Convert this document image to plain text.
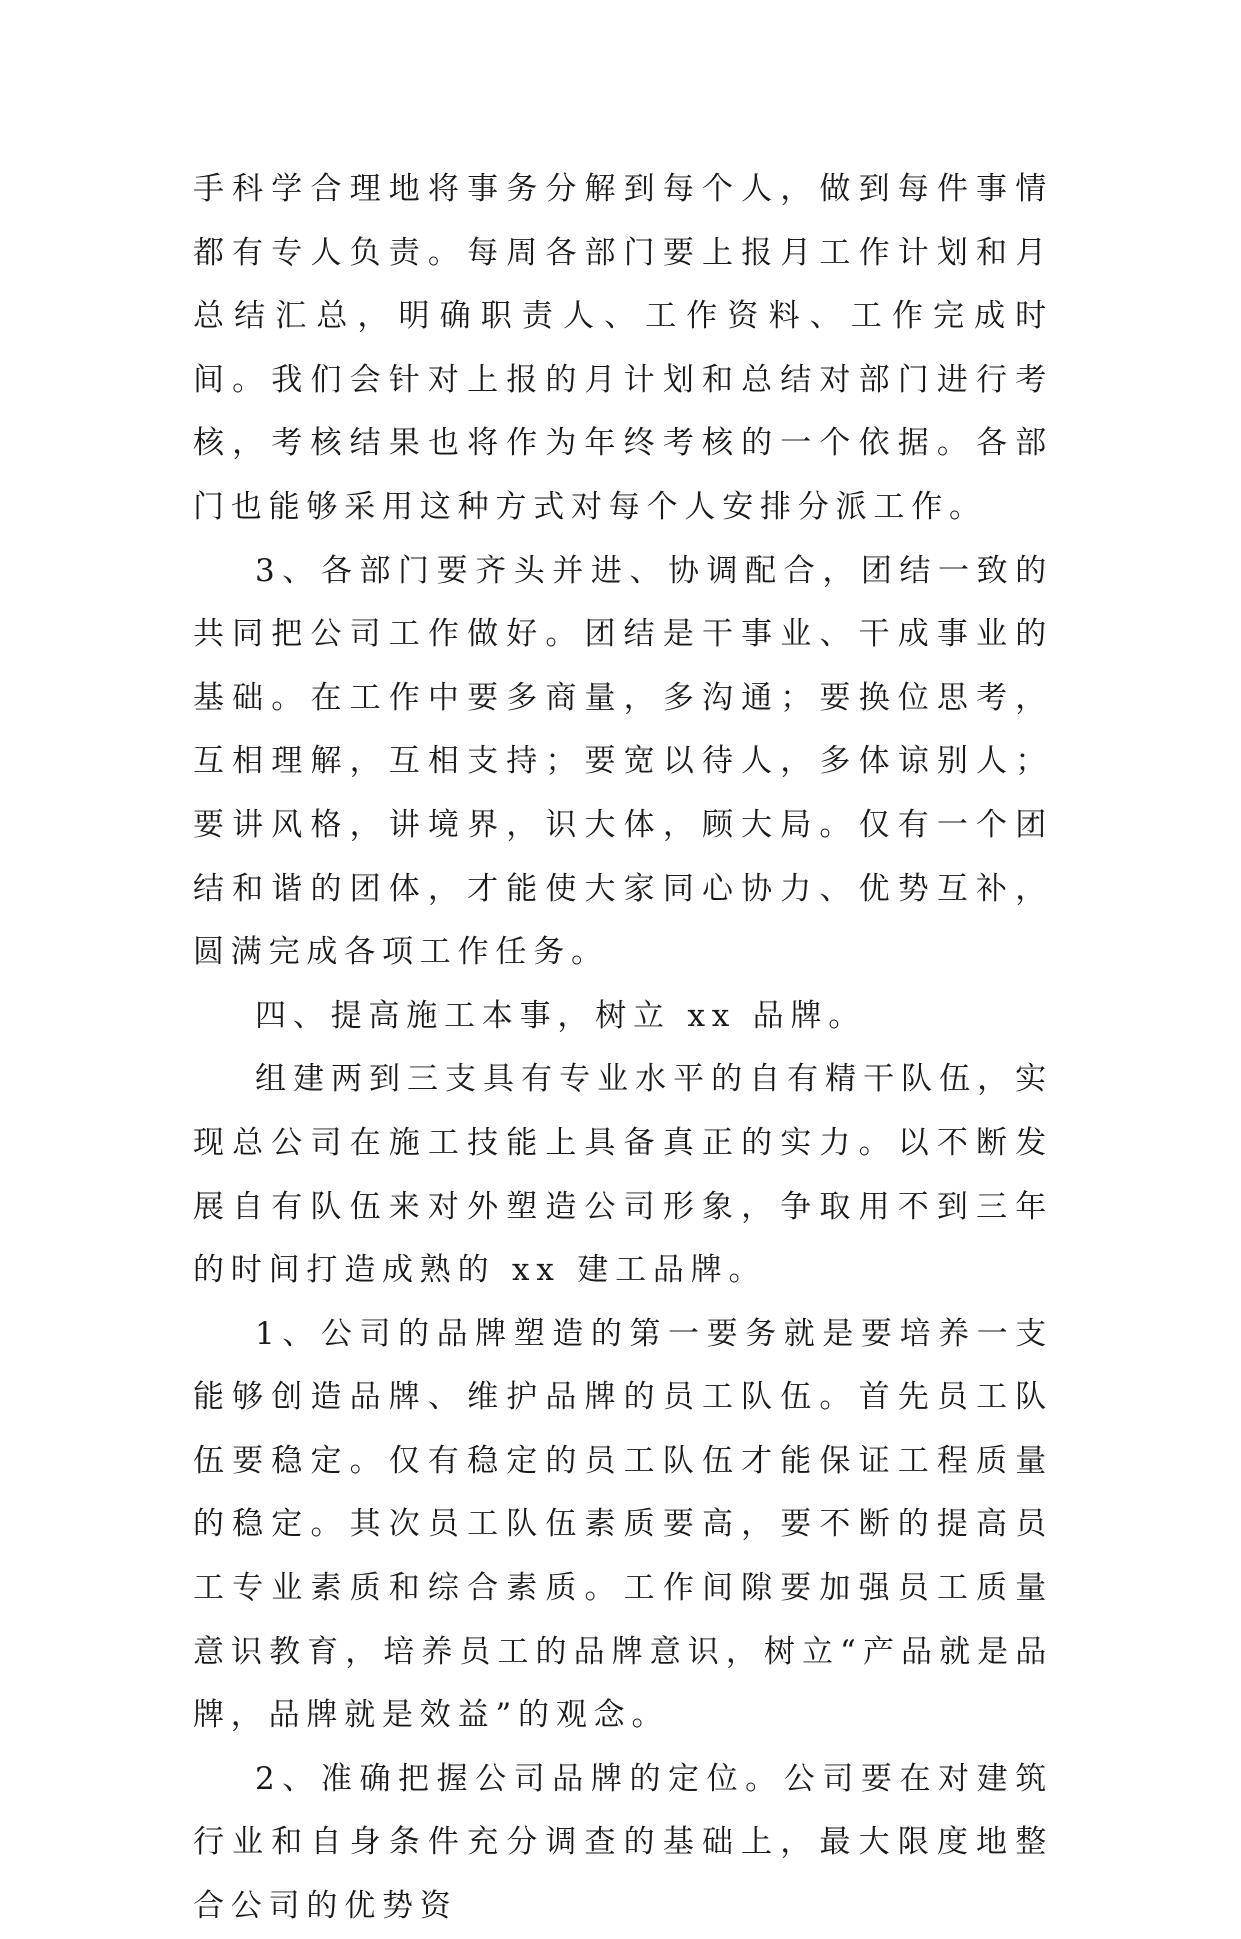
手科学合理地将事务分解到每个人，做到每件事情都有专人负责。每周各部门要上报月工作计划和月总结汇总，明确职责人、工作资料、工作完成时间。我们会针对上报的月计划和总结对部门进行考核，考核结果也将作为年终考核的一个依据。各部门也能够采用这种方式对每个人安排分派工作。

3、各部门要齐头并进、协调配合，团结一致的共同把公司工作做好。团结是干事业、干成事业的基础。在工作中要多商量，多沟通；要换位思考，互相理解，互相支持；要宽以待人，多体谅别人；要讲风格，讲境界，识大体，顾大局。仅有一个团结和谐的团体，才能使大家同心协力、优势互补，圆满完成各项工作任务。

四、提高施工本事，树立 xx 品牌。

组建两到三支具有专业水平的自有精干队伍，实现总公司在施工技能上具备真正的实力。以不断发展自有队伍来对外塑造公司形象，争取用不到三年的时间打造成熟的 xx 建工品牌。

1、公司的品牌塑造的第一要务就是要培养一支能够创造品牌、维护品牌的员工队伍。首先员工队伍要稳定。仅有稳定的员工队伍才能保证工程质量的稳定。其次员工队伍素质要高，要不断的提高员工专业素质和综合素质。工作间隙要加强员工质量意识教育，培养员工的品牌意识，树立“产品就是品牌，品牌就是效益”的观念。

2、准确把握公司品牌的定位。公司要在对建筑行业和自身条件充分调查的基础上，最大限度地整合公司的优势资
